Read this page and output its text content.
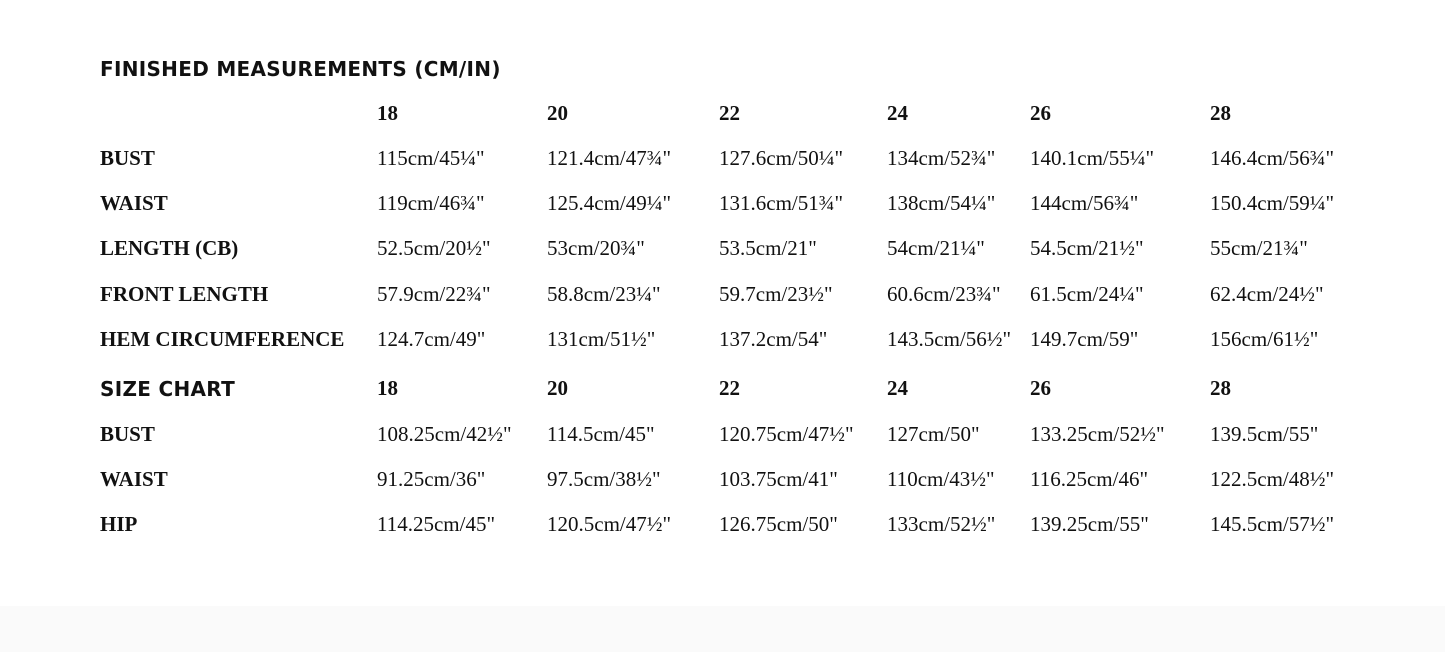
FINISHED MEASUREMENTS (CM/IN)
18	20	22	24	26	28
BUST	115cm/45¼"	121.4cm/47¾" 127.6cm/50¼" 134cm/52¾" 140.1cm/55¼"	146.4cm/56¾"
WAIST	119cm/46¾"	125.4cm/49¼" 131.6cm/51¾" 138cm/54¼" 144cm/56¾"	150.4cm/59¼"
LENGTH (CB)	52.5cm/20½"	53cm/20¾"	53.5cm/21"	54cm/21¼" 54.5cm/21½"	55cm/21¾"
FRONT LENGTH	57.9cm/22¾"	58.8cm/23¼"	59.7cm/23½"	60.6cm/23¾" 61.5cm/24¼"	62.4cm/24½"
HEM CIRCUMFERENCE 124.7cm/49"	131cm/51½"	137.2cm/54"	143.5cm/56½" 149.7cm/59"	156cm/61½"
SIZE CHART	18	20	22	24	26	28
BUST	108.25cm/42½" 114.5cm/45"	120.75cm/47½" 127cm/50" 133.25cm/52½" 139.5cm/55"
WAIST	91.25cm/36"	97.5cm/38½"	103.75cm/41" 110cm/43½" 116.25cm/46"	122.5cm/48½"
HIP	114.25cm/45" 120.5cm/47½" 126.75cm/50" 133cm/52½" 139.25cm/55"	145.5cm/57½"
